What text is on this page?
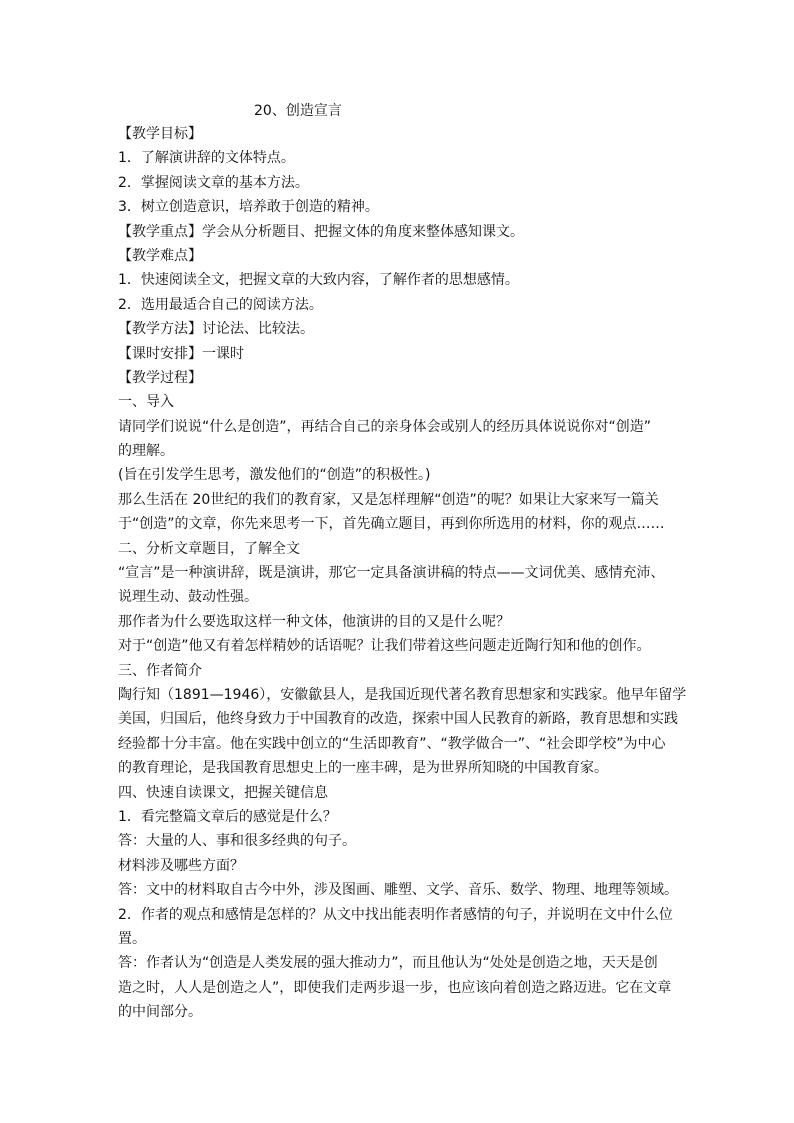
20、创造宣言
【教学目标】
1．了解演讲辞的文体特点。
2．掌握阅读文章的基本方法。
3．树立创造意识，培养敢于创造的精神。
【教学重点】学会从分析题目、把握文体的角度来整体感知课文。
【教学难点】
1．快速阅读全文，把握文章的大致内容，了解作者的思想感情。
2．选用最适合自己的阅读方法。
【教学方法】讨论法、比较法。
【课时安排】一课时
【教学过程】
一、导入
请同学们说说“什么是创造”，再结合自己的亲身体会或别人的经历具体说说你对“创造”
的理解。
(旨在引发学生思考，激发他们的“创造”的积极性。)
那么生活在 20世纪的我们的教育家，又是怎样理解“创造”的呢？如果让大家来写一篇关
于“创造”的文章，你先来思考一下，首先确立题目，再到你所选用的材料，你的观点……
二、分析文章题目，了解全文
“宣言”是一种演讲辞，既是演讲，那它一定具备演讲稿的特点——文词优美、感情充沛、
说理生动、鼓动性强。
那作者为什么要选取这样一种文体，他演讲的目的又是什么呢？
对于“创造”他又有着怎样精妙的话语呢？让我们带着这些问题走近陶行知和他的创作。
三、作者简介
陶行知（1891—1946），安徽歙县人，是我国近现代著名教育思想家和实践家。他早年留学
美国，归国后，他终身致力于中国教育的改造，探索中国人民教育的新路，教育思想和实践
经验都十分丰富。他在实践中创立的“生活即教育”、“教学做合一”、“社会即学校”为中心
的教育理论，是我国教育思想史上的一座丰碑，是为世界所知晓的中国教育家。
四、快速自读课文，把握关键信息
1．看完整篇文章后的感觉是什么？
答：大量的人、事和很多经典的句子。
材料涉及哪些方面？
答：文中的材料取自古今中外，涉及图画、雕塑、文学、音乐、数学、物理、地理等领域。
2．作者的观点和感情是怎样的？从文中找出能表明作者感情的句子，并说明在文中什么位
置。
答：作者认为“创造是人类发展的强大推动力”，而且他认为“处处是创造之地，天天是创
造之时，人人是创造之人”，即使我们走两步退一步，也应该向着创造之路迈进。它在文章
的中间部分。
